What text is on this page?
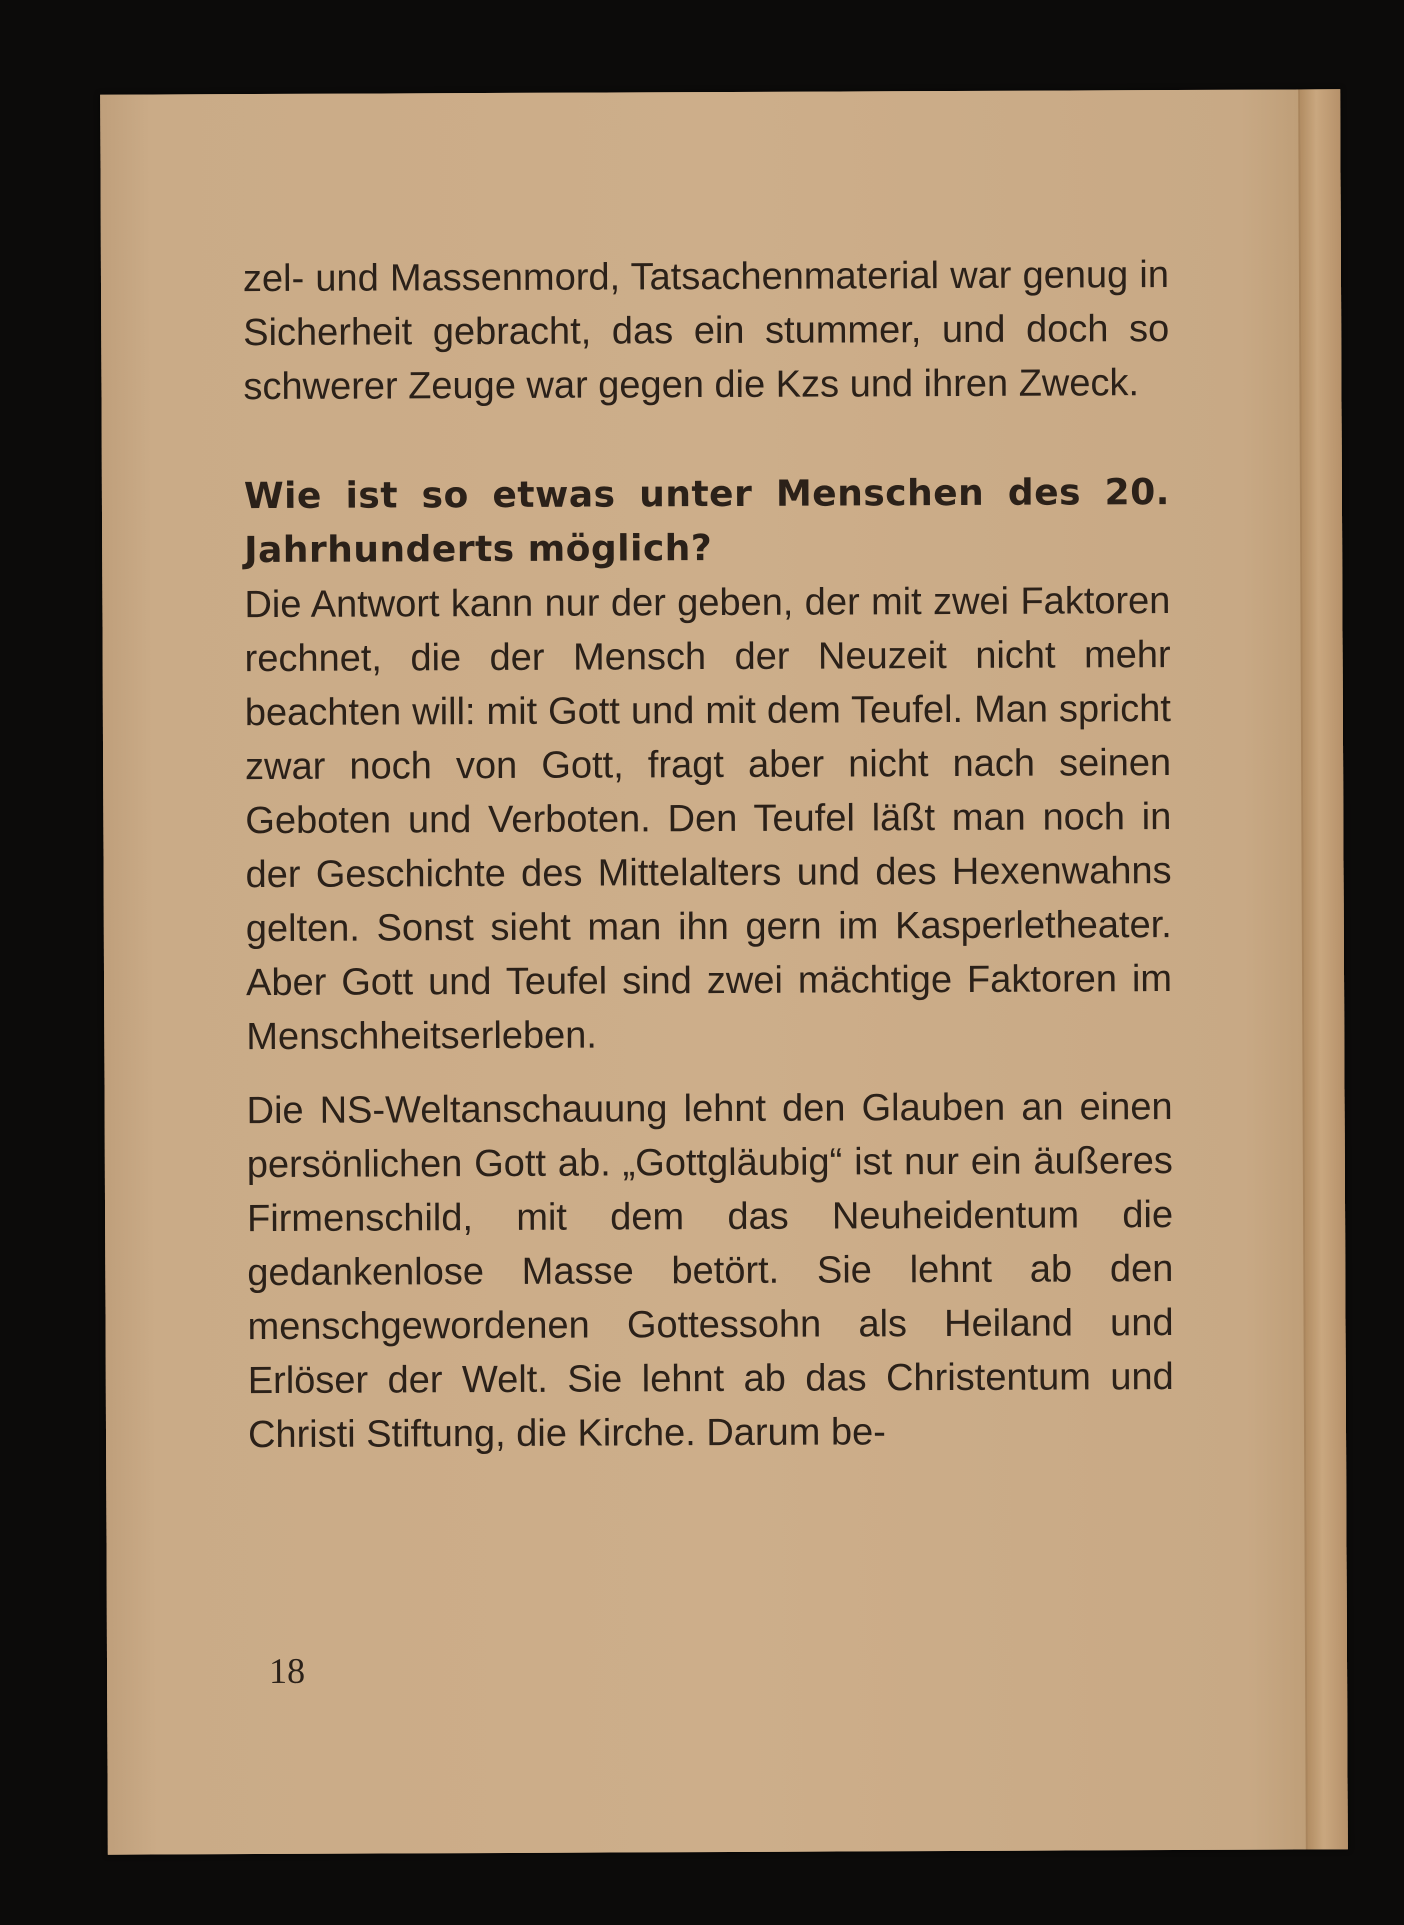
zel- und Massenmord, Tatsachenmaterial war genug in Sicherheit gebracht, das ein stummer, und doch so schwerer Zeuge war gegen die Kzs und ihren Zweck.

Wie ist so etwas unter Menschen des 20. Jahrhunderts möglich?

Die Antwort kann nur der geben, der mit zwei Faktoren rechnet, die der Mensch der Neuzeit nicht mehr beachten will: mit Gott und mit dem Teufel. Man spricht zwar noch von Gott, fragt aber nicht nach seinen Geboten und Verboten. Den Teufel läßt man noch in der Geschichte des Mittelalters und des Hexenwahns gelten. Sonst sieht man ihn gern im Kasperletheater. Aber Gott und Teufel sind zwei mächtige Faktoren im Menschheitserleben.

Die NS-Weltanschauung lehnt den Glauben an einen persönlichen Gott ab. „Gottgläubig“ ist nur ein äußeres Firmenschild, mit dem das Neuheidentum die gedankenlose Masse betört. Sie lehnt ab den menschgewordenen Gottessohn als Heiland und Erlöser der Welt. Sie lehnt ab das Christentum und Christi Stiftung, die Kirche. Darum be-

18
